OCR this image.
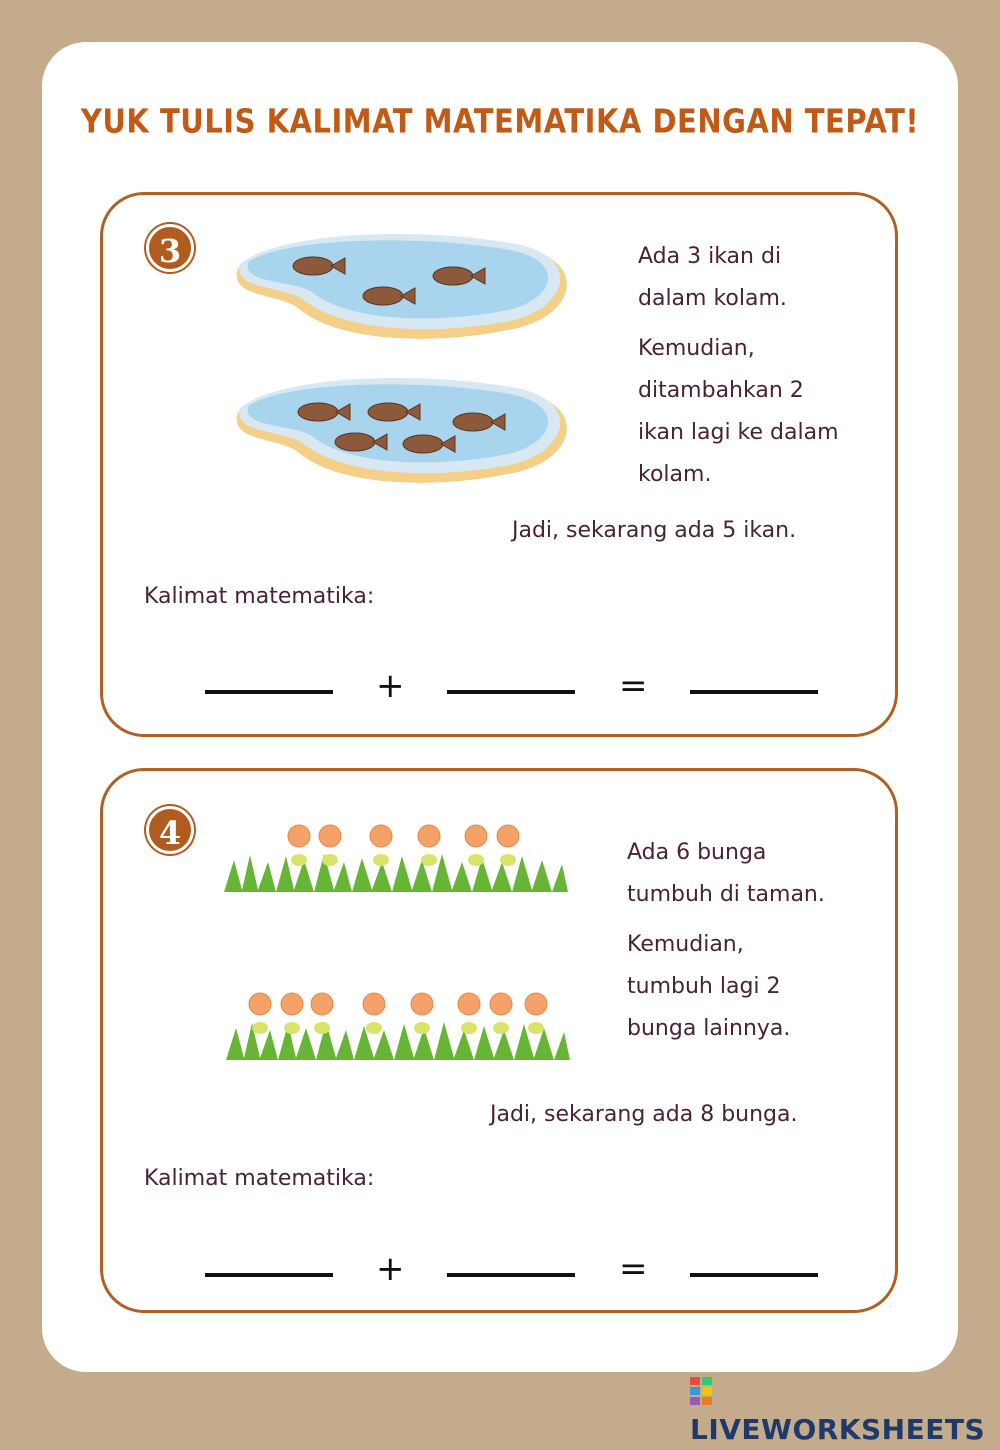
YUK TULIS KALIMAT MATEMATIKA DENGAN TEPAT!
3	Ada 3 ikan di

dalam kolam.

Kemudian,

ditambahkan 2

ikan lagi ke dalam

kolam.

Jadi, sekarang ada 5 ikan.
Kalimat matematika:
+	=
4

Ada 6 bunga

tumbuh di taman.

Kemudian,

tumbuh lagi 2

bunga lainnya.

Jadi, sekarang ada 8 bunga.
Kalimat matematika:
+	=
LIVEWORKSHEETS
